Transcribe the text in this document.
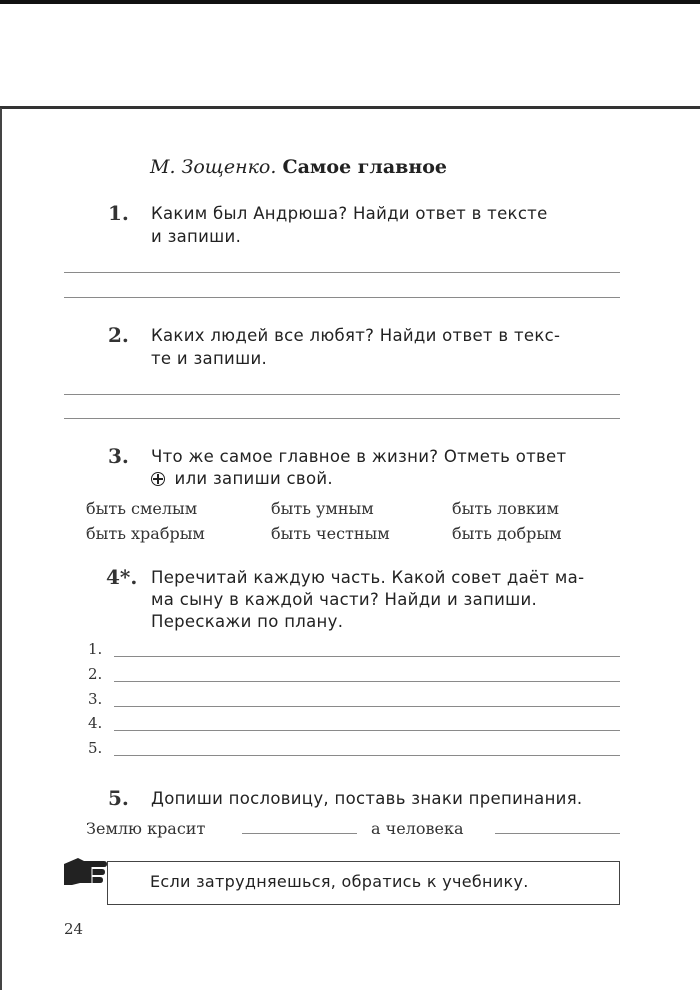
М. Зощенко. Самое главное
1. Каким был Андрюша? Найди ответ в тексте
и запиши.
2. Каких людей все любят? Найди ответ в текс-
те и запиши.
3. Что же самое главное в жизни? Отметь ответ
или запиши свой.
быть смелым	быть умным	быть ловким
быть храбрым	быть честным	быть добрым
4*. Перечитай каждую часть. Какой совет даёт ма-
ма сыну в каждой части? Найди и запиши.
Перескажи по плану.
1.
2.
3.
4.
5.
5. Допиши пословицу, поставь знаки препинания.
Землю красит	а человека
Если затрудняешься, обратись к учебнику.
24
